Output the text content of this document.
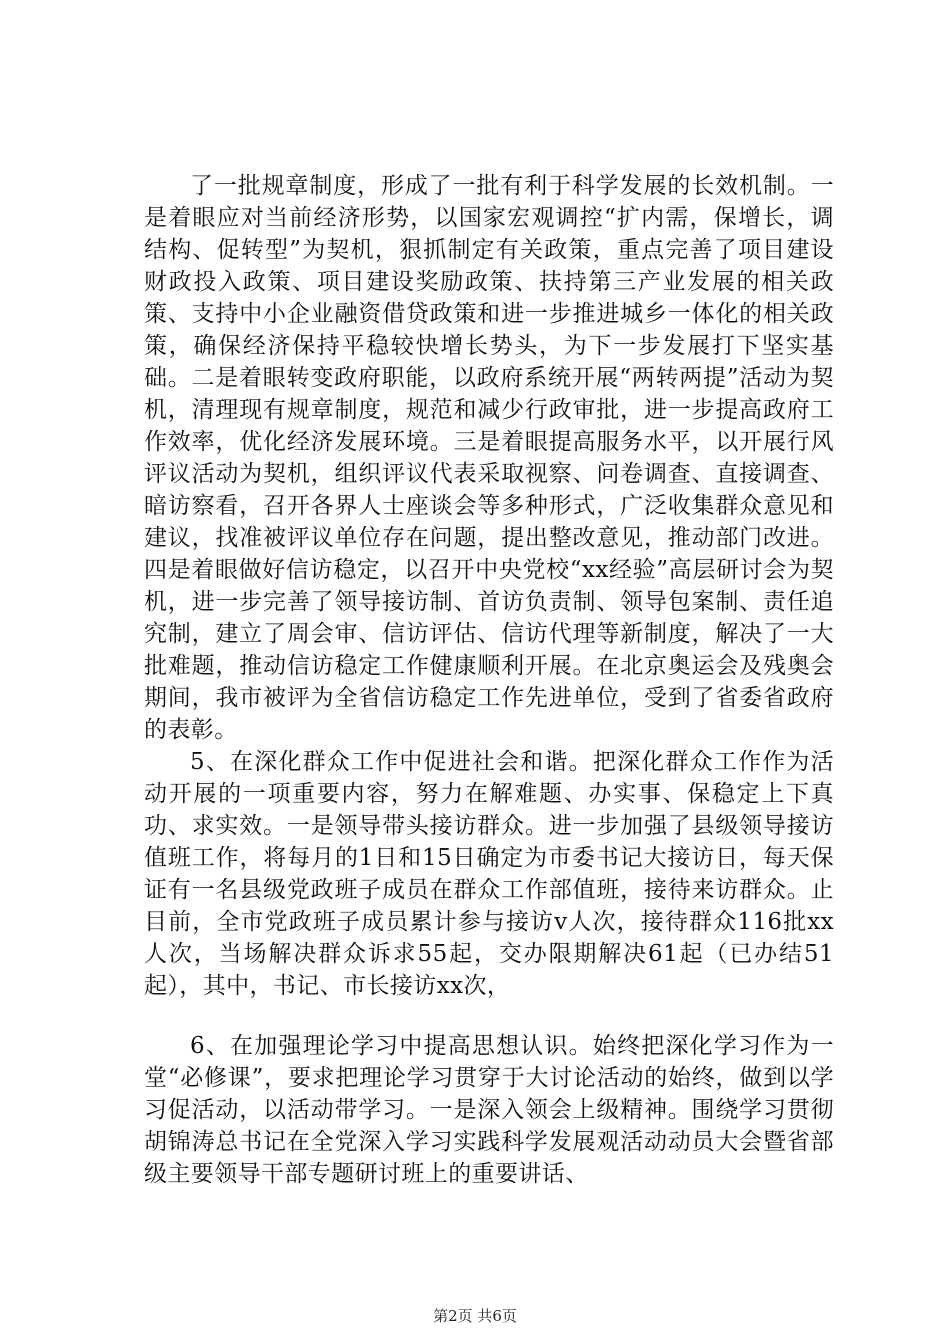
了一批规章制度，形成了一批有利于科学发展的长效机制。一是着眼应对当前经济形势，以国家宏观调控“扩内需，保增长，调结构、促转型”为契机，狠抓制定有关政策，重点完善了项目建设财政投入政策、项目建设奖励政策、扶持第三产业发展的相关政策、支持中小企业融资借贷政策和进一步推进城乡一体化的相关政策，确保经济保持平稳较快增长势头，为下一步发展打下坚实基础。二是着眼转变政府职能，以政府系统开展“两转两提”活动为契机，清理现有规章制度，规范和减少行政审批，进一步提高政府工作效率，优化经济发展环境。三是着眼提高服务水平，以开展行风评议活动为契机，组织评议代表采取视察、问卷调查、直接调查、暗访察看，召开各界人士座谈会等多种形式，广泛收集群众意见和建议，找准被评议单位存在问题，提出整改意见，推动部门改进。四是着眼做好信访稳定，以召开中央党校“xx经验”高层研讨会为契机，进一步完善了领导接访制、首访负责制、领导包案制、责任追究制，建立了周会审、信访评估、信访代理等新制度，解决了一大批难题，推动信访稳定工作健康顺利开展。在北京奥运会及残奥会期间，我市被评为全省信访稳定工作先进单位，受到了省委省政府的表彰。

5、在深化群众工作中促进社会和谐。把深化群众工作作为活动开展的一项重要内容，努力在解难题、办实事、保稳定上下真功、求实效。一是领导带头接访群众。进一步加强了县级领导接访值班工作，将每月的1日和15日确定为市委书记大接访日，每天保证有一名县级党政班子成员在群众工作部值班，接待来访群众。止目前，全市党政班子成员累计参与接访v人次，接待群众116批xx人次，当场解决群众诉求55起，交办限期解决61起（已办结51起），其中，书记、市长接访xx次，

6、在加强理论学习中提高思想认识。始终把深化学习作为一堂“必修课”，要求把理论学习贯穿于大讨论活动的始终，做到以学习促活动，以活动带学习。一是深入领会上级精神。围绕学习贯彻胡锦涛总书记在全党深入学习实践科学发展观活动动员大会暨省部级主要领导干部专题研讨班上的重要讲话、

第2页 共6页
